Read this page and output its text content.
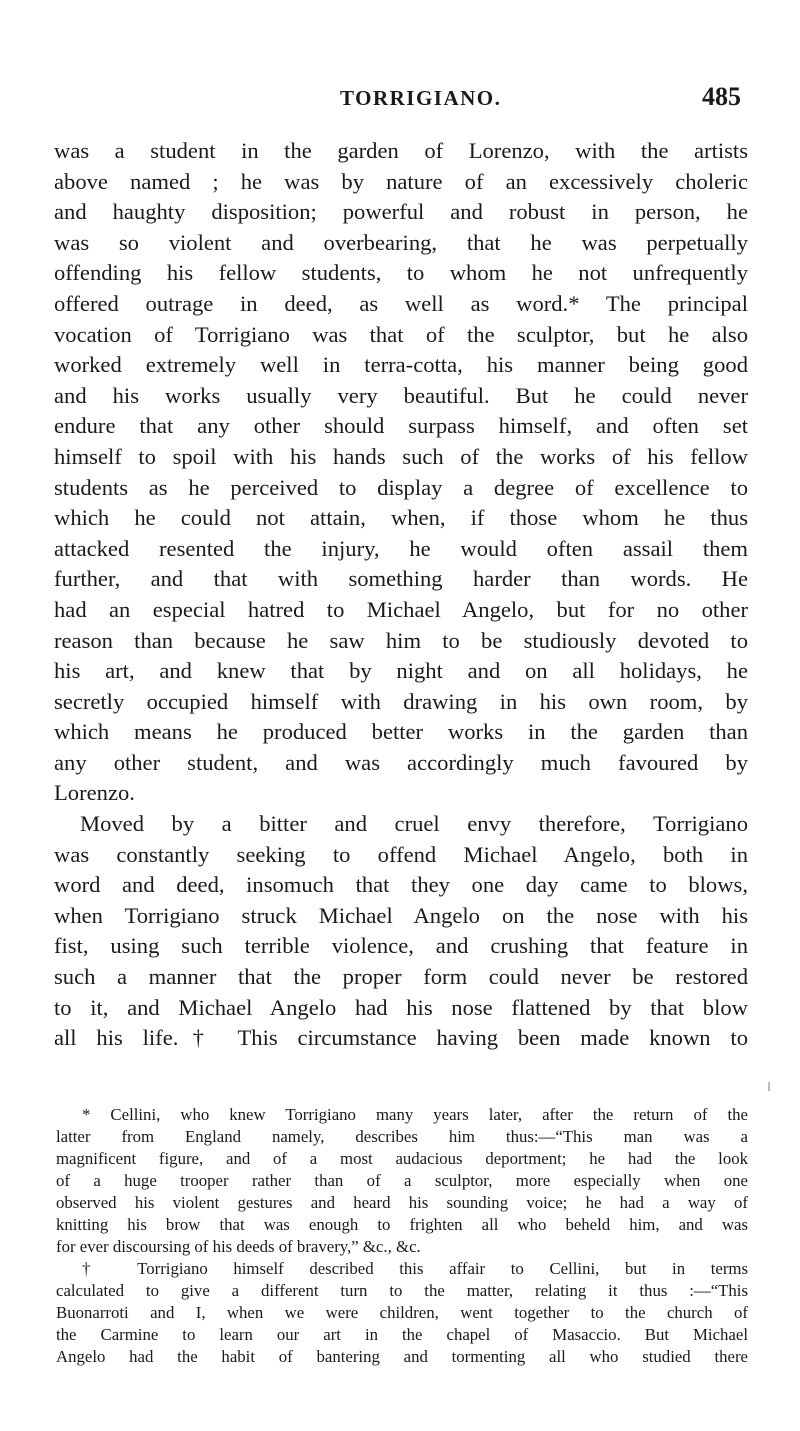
TORRIGIANO.	485
was a student in the garden of Lorenzo, with the artists
above named ; he was by nature of an excessively choleric
and haughty disposition; powerful and robust in person, he
was so violent and overbearing, that he was perpetually
offending his fellow students, to whom he not unfrequently
offered outrage in deed, as well as word.* The principal
vocation of Torrigiano was that of the sculptor, but he also
worked extremely well in terra-cotta, his manner being good
and his works usually very beautiful. But he could never
endure that any other should surpass himself, and often set
himself to spoil with his hands such of the works of his fellow
students as he perceived to display a degree of excellence to
which he could not attain, when, if those whom he thus
attacked resented the injury, he would often assail them
further, and that with something harder than words. He
had an especial hatred to Michael Angelo, but for no other
reason than because he saw him to be studiously devoted to
his art, and knew that by night and on all holidays, he
secretly occupied himself with drawing in his own room, by
which means he produced better works in the garden than
any other student, and was accordingly much favoured by
Lorenzo.
Moved by a bitter and cruel envy therefore, Torrigiano
was constantly seeking to offend Michael Angelo, both in
word and deed, insomuch that they one day came to blows,
when Torrigiano struck Michael Angelo on the nose with his
fist, using such terrible violence, and crushing that feature in
such a manner that the proper form could never be restored
to it, and Michael Angelo had his nose flattened by that blow
all his life.† This circumstance having been made known to
* Cellini, who knew Torrigiano many years later, after the return of the
latter from England namely, describes him thus:—“This man was a
magnificent figure, and of a most audacious deportment; he had the look
of a huge trooper rather than of a sculptor, more especially when one
observed his violent gestures and heard his sounding voice; he had a way of
knitting his brow that was enough to frighten all who beheld him, and was
for ever discoursing of his deeds of bravery,” &c., &c.
† Torrigiano himself described this affair to Cellini, but in terms
calculated to give a different turn to the matter, relating it thus :—“This
Buonarroti and I, when we were children, went together to the church of
the Carmine to learn our art in the chapel of Masaccio. But Michael
Angelo had the habit of bantering and tormenting all who studied there
